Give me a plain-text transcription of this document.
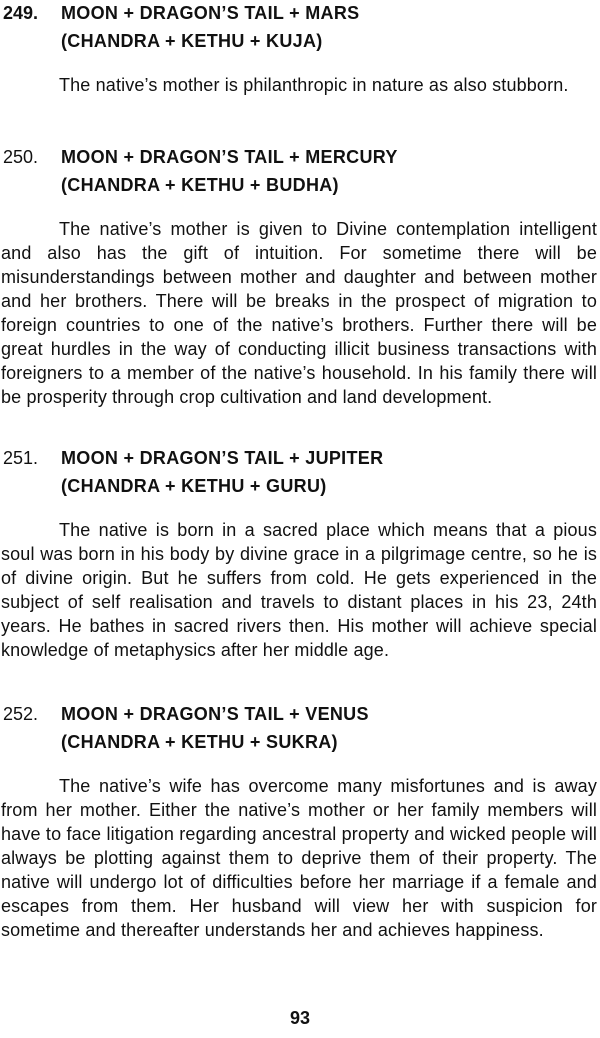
249. MOON + DRAGON’S TAIL + MARS
(CHANDRA + KETHU + KUJA)

The native’s mother is philanthropic in nature as also stubborn.

250. MOON + DRAGON’S TAIL + MERCURY
(CHANDRA + KETHU + BUDHA)

The native’s mother is given to Divine contemplation intelligent and also has the gift of intuition. For sometime there will be misunderstandings between mother and daughter and between mother and her brothers. There will be breaks in the prospect of migration to foreign countries to one of the native’s brothers. Further there will be great hurdles in the way of conducting illicit business transactions with foreigners to a member of the native’s household. In his family there will be prosperity through crop cultivation and land development.

251. MOON + DRAGON’S TAIL + JUPITER
(CHANDRA + KETHU + GURU)

The native is born in a sacred place which means that a pious soul was born in his body by divine grace in a pilgrimage centre, so he is of divine origin. But he suffers from cold. He gets experienced in the subject of self realisation and travels to distant places in his 23, 24th years. He bathes in sacred rivers then. His mother will achieve special knowledge of metaphysics after her middle age.

252. MOON + DRAGON’S TAIL + VENUS
(CHANDRA + KETHU + SUKRA)

The native’s wife has overcome many misfortunes and is away from her mother. Either the native’s mother or her family members will have to face litigation regarding ancestral property and wicked people will always be plotting against them to deprive them of their property. The native will undergo lot of difficulties before her marriage if a female and escapes from them. Her husband will view her with suspicion for sometime and thereafter understands her and achieves happiness.

93
